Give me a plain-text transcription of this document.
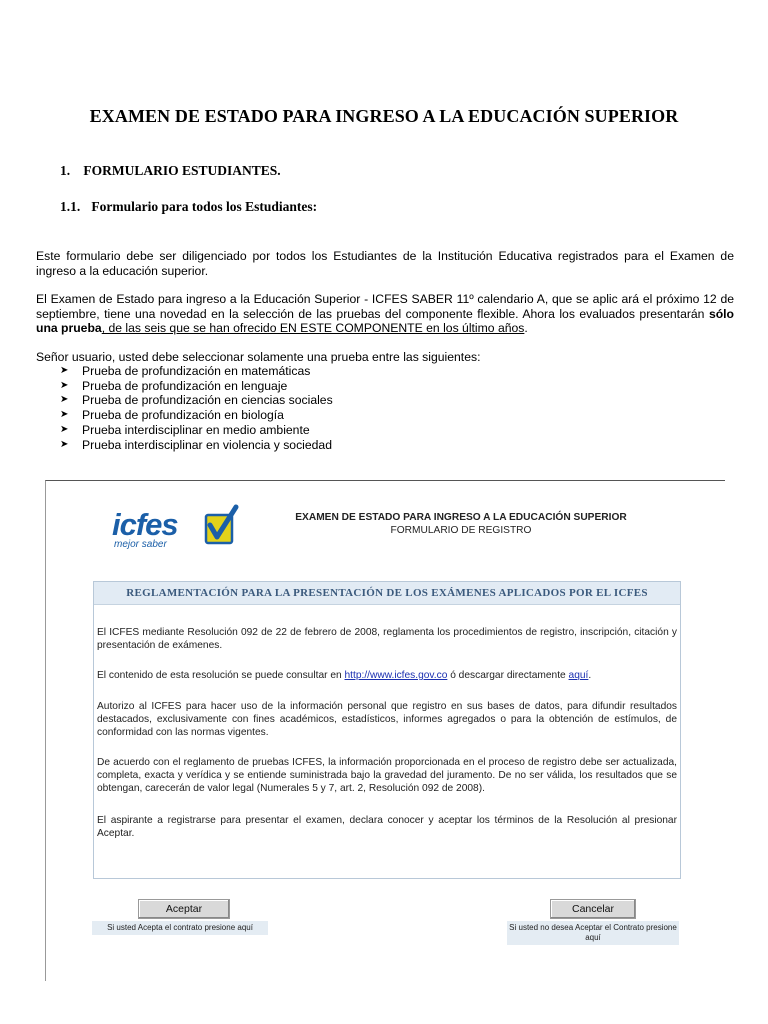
EXAMEN DE ESTADO PARA INGRESO A LA EDUCACIÓN SUPERIOR
1. FORMULARIO ESTUDIANTES.
1.1. Formulario para todos los Estudiantes:
Este formulario debe ser diligenciado por todos los Estudiantes de la Institución Educativa registrados para el Examen de ingreso a la educación superior.
El Examen de Estado para ingreso a la Educación Superior - ICFES SABER 11º calendario A, que se aplic ará el próximo 12 de septiembre, tiene una novedad en la selección de las pruebas del componente flexible. Ahora los evaluados presentarán sólo una prueba, de las seis que se han ofrecido EN ESTE COMPONENTE en los último años.
Señor usuario, usted debe seleccionar solamente una prueba entre las siguientes:
➤ Prueba de profundización en matemáticas
➤ Prueba de profundización en lenguaje
➤ Prueba de profundización en ciencias sociales
➤ Prueba de profundización en biología
➤ Prueba interdisciplinar en medio ambiente
➤ Prueba interdisciplinar en violencia y sociedad
icfes
mejor saber
EXAMEN DE ESTADO PARA INGRESO A LA EDUCACIÓN SUPERIOR
FORMULARIO DE REGISTRO
REGLAMENTACIÓN PARA LA PRESENTACIÓN DE LOS EXÁMENES APLICADOS POR EL ICFES
El ICFES mediante Resolución 092 de 22 de febrero de 2008, reglamenta los procedimientos de registro, inscripción, citación y presentación de exámenes.
El contenido de esta resolución se puede consultar en http://www.icfes.gov.co ó descargar directamente aquí.
Autorizo al ICFES para hacer uso de la información personal que registro en sus bases de datos, para difundir resultados destacados, exclusivamente con fines académicos, estadísticos, informes agregados o para la obtención de estímulos, de conformidad con las normas vigentes.
De acuerdo con el reglamento de pruebas ICFES, la información proporcionada en el proceso de registro debe ser actualizada, completa, exacta y verídica y se entiende suministrada bajo la gravedad del juramento. De no ser válida, los resultados que se obtengan, carecerán de valor legal (Numerales 5 y 7, art. 2, Resolución 092 de 2008).
El aspirante a registrarse para presentar el examen, declara conocer y aceptar los términos de la Resolución al presionar Aceptar.
Aceptar	Cancelar
Si usted Acepta el contrato presione aquí	Si usted no desea Aceptar el Contrato presione aquí
